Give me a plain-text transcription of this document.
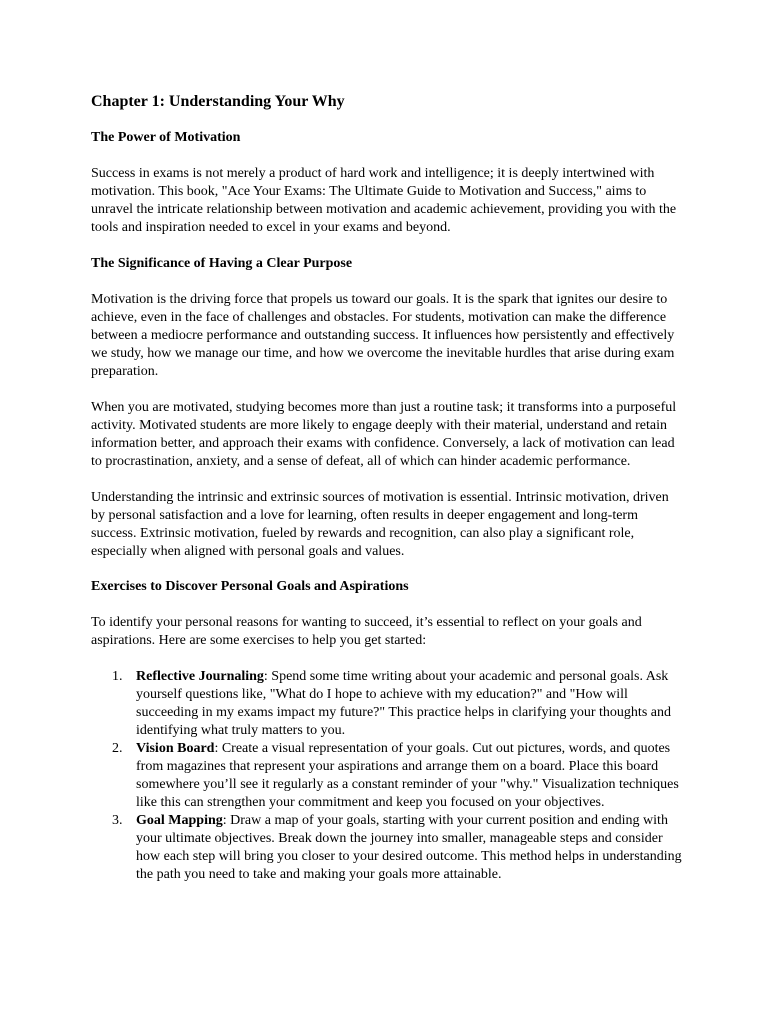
Chapter 1: Understanding Your Why
The Power of Motivation

Success in exams is not merely a product of hard work and intelligence; it is deeply intertwined with motivation. This book, "Ace Your Exams: The Ultimate Guide to Motivation and Success," aims to unravel the intricate relationship between motivation and academic achievement, providing you with the tools and inspiration needed to excel in your exams and beyond.

The Significance of Having a Clear Purpose

Motivation is the driving force that propels us toward our goals. It is the spark that ignites our desire to achieve, even in the face of challenges and obstacles. For students, motivation can make the difference between a mediocre performance and outstanding success. It influences how persistently and effectively we study, how we manage our time, and how we overcome the inevitable hurdles that arise during exam preparation.

When you are motivated, studying becomes more than just a routine task; it transforms into a purposeful activity. Motivated students are more likely to engage deeply with their material, understand and retain information better, and approach their exams with confidence. Conversely, a lack of motivation can lead to procrastination, anxiety, and a sense of defeat, all of which can hinder academic performance.

Understanding the intrinsic and extrinsic sources of motivation is essential. Intrinsic motivation, driven by personal satisfaction and a love for learning, often results in deeper engagement and long-term success. Extrinsic motivation, fueled by rewards and recognition, can also play a significant role, especially when aligned with personal goals and values.

Exercises to Discover Personal Goals and Aspirations

To identify your personal reasons for wanting to succeed, it’s essential to reflect on your goals and aspirations. Here are some exercises to help you get started:

1. Reflective Journaling: Spend some time writing about your academic and personal goals. Ask yourself questions like, "What do I hope to achieve with my education?" and "How will succeeding in my exams impact my future?" This practice helps in clarifying your thoughts and identifying what truly matters to you.
2. Vision Board: Create a visual representation of your goals. Cut out pictures, words, and quotes from magazines that represent your aspirations and arrange them on a board. Place this board somewhere you’ll see it regularly as a constant reminder of your "why." Visualization techniques like this can strengthen your commitment and keep you focused on your objectives.
3. Goal Mapping: Draw a map of your goals, starting with your current position and ending with your ultimate objectives. Break down the journey into smaller, manageable steps and consider how each step will bring you closer to your desired outcome. This method helps in understanding the path you need to take and making your goals more attainable.
